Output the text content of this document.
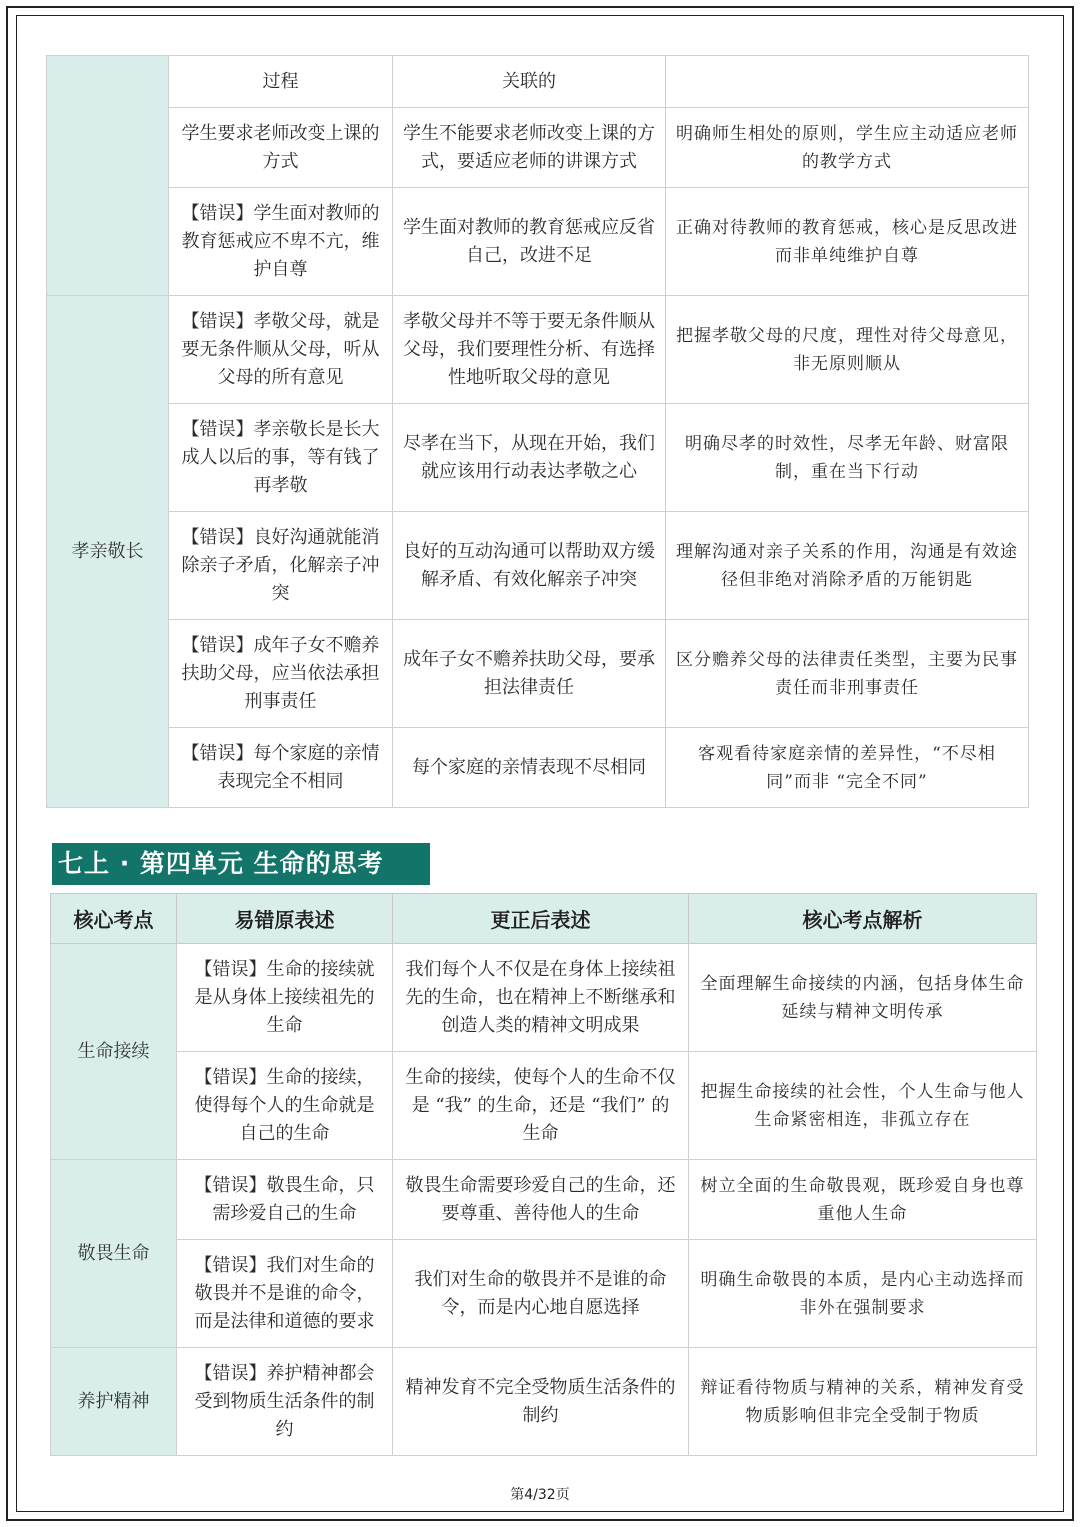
	过程	关联的	
	学生要求老师改变上课的方式	学生不能要求老师改变上课的方式，要适应老师的讲课方式	明确师生相处的原则，学生应主动适应老师的教学方式
	【错误】学生面对教师的教育惩戒应不卑不亢，维护自尊	学生面对教师的教育惩戒应反省自己，改进不足	正确对待教师的教育惩戒，核心是反思改进而非单纯维护自尊
孝亲敬长	【错误】孝敬父母，就是要无条件顺从父母，听从父母的所有意见	孝敬父母并不等于要无条件顺从父母，我们要理性分析、有选择性地听取父母的意见	把握孝敬父母的尺度，理性对待父母意见，非无原则顺从
	【错误】孝亲敬长是长大成人以后的事，等有钱了再孝敬	尽孝在当下，从现在开始，我们就应该用行动表达孝敬之心	明确尽孝的时效性，尽孝无年龄、财富限制，重在当下行动
	【错误】良好沟通就能消除亲子矛盾，化解亲子冲突	良好的互动沟通可以帮助双方缓解矛盾、有效化解亲子冲突	理解沟通对亲子关系的作用，沟通是有效途径但非绝对消除矛盾的万能钥匙
	【错误】成年子女不赡养扶助父母，应当依法承担刑事责任	成年子女不赡养扶助父母，要承担法律责任	区分赡养父母的法律责任类型，主要为民事责任而非刑事责任
	【错误】每个家庭的亲情表现完全不相同	每个家庭的亲情表现不尽相同	客观看待家庭亲情的差异性，“不尽相同”而非 “完全不同”
七上 · 第四单元 生命的思考
核心考点	易错原表述	更正后表述	核心考点解析
生命接续	【错误】生命的接续就是从身体上接续祖先的生命	我们每个人不仅是在身体上接续祖先的生命，也在精神上不断继承和创造人类的精神文明成果	全面理解生命接续的内涵，包括身体生命延续与精神文明传承
	【错误】生命的接续，使得每个人的生命就是自己的生命	生命的接续，使每个人的生命不仅是 “我” 的生命，还是 “我们” 的生命	把握生命接续的社会性，个人生命与他人生命紧密相连，非孤立存在
敬畏生命	【错误】敬畏生命，只需珍爱自己的生命	敬畏生命需要珍爱自己的生命，还要尊重、善待他人的生命	树立全面的生命敬畏观，既珍爱自身也尊重他人生命
	【错误】我们对生命的敬畏并不是谁的命令，而是法律和道德的要求	我们对生命的敬畏并不是谁的命令，而是内心地自愿选择	明确生命敬畏的本质，是内心主动选择而非外在强制要求
养护精神	【错误】养护精神都会受到物质生活条件的制约	精神发育不完全受物质生活条件的制约	辩证看待物质与精神的关系，精神发育受物质影响但非完全受制于物质
第4/32页
